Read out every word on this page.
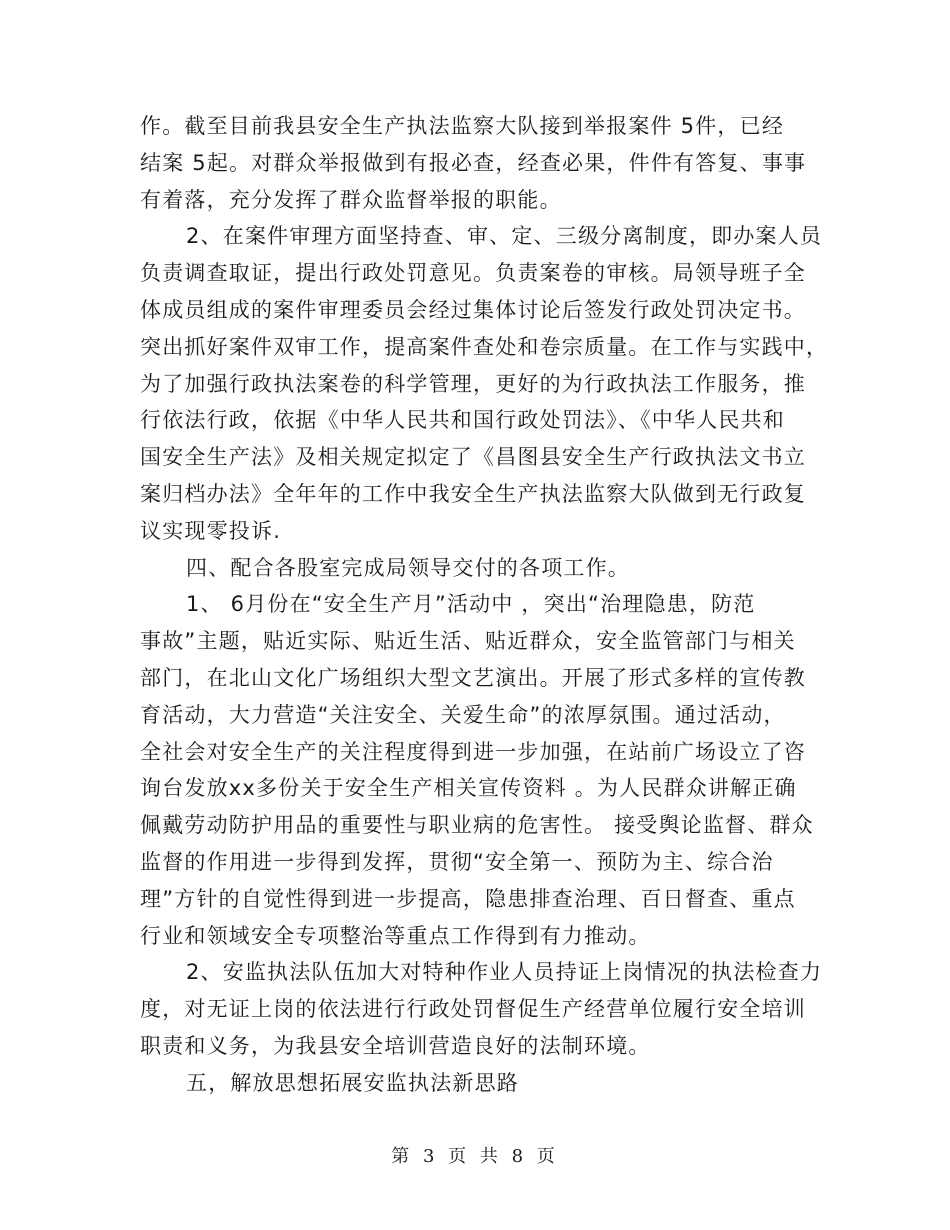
作。截至目前我县安全生产执法监察大队接到举报案件 5件，已经
结案 5起。对群众举报做到有报必查，经查必果，件件有答复、事事
有着落，充分发挥了群众监督举报的职能。
2、在案件审理方面坚持查、审、定、三级分离制度，即办案人员
负责调查取证，提出行政处罚意见。负责案卷的审核。局领导班子全
体成员组成的案件审理委员会经过集体讨论后签发行政处罚决定书。
突出抓好案件双审工作，提高案件查处和卷宗质量。在工作与实践中，
为了加强行政执法案卷的科学管理，更好的为行政执法工作服务，推
行依法行政，依据《中华人民共和国行政处罚法》、《中华人民共和
国安全生产法》及相关规定拟定了《昌图县安全生产行政执法文书立
案归档办法》全年年的工作中我安全生产执法监察大队做到无行政复
议实现零投诉.
四、配合各股室完成局领导交付的各项工作。
1、 6月份在“安全生产月”活动中 ，突出“治理隐患，防范
事故”主题，贴近实际、贴近生活、贴近群众，安全监管部门与相关
部门，在北山文化广场组织大型文艺演出。开展了形式多样的宣传教
育活动，大力营造“关注安全、关爱生命”的浓厚氛围。通过活动，
全社会对安全生产的关注程度得到进一步加强，在站前广场设立了咨
询台发放xx多份关于安全生产相关宣传资料 。为人民群众讲解正确
佩戴劳动防护用品的重要性与职业病的危害性。 接受舆论监督、群众
监督的作用进一步得到发挥，贯彻“安全第一、预防为主、综合治
理”方针的自觉性得到进一步提高，隐患排查治理、百日督查、重点
行业和领域安全专项整治等重点工作得到有力推动。
2、安监执法队伍加大对特种作业人员持证上岗情况的执法检查力
度，对无证上岗的依法进行行政处罚督促生产经营单位履行安全培训
职责和义务，为我县安全培训营造良好的法制环境。
五，解放思想拓展安监执法新思路
第 3 页 共 8 页
